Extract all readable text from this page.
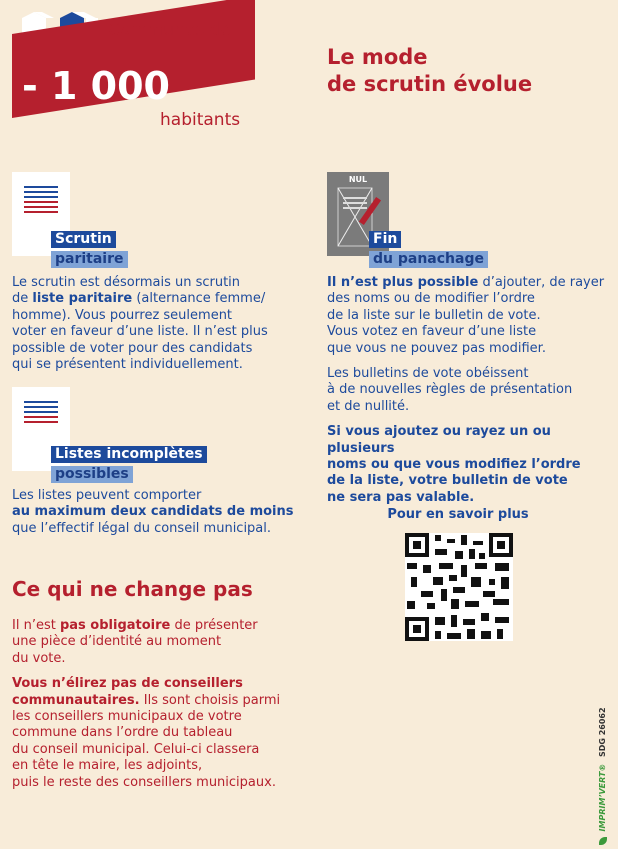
Communes de
- 1 000
habitants
Le mode
de scrutin évolue
Scrutin
paritaire

Le scrutin est désormais un scrutin

de liste paritaire (alternance femme/

homme). Vous pourrez seulement

voter en faveur d’une liste. Il n’est plus

possible de voter pour des candidats

qui se présentent individuellement.

NUL
Fin
du panachage

Il n’est plus possible d’ajouter, de rayer

des noms ou de modifier l’ordre

de la liste sur le bulletin de vote.

Vous votez en faveur d’une liste

que vous ne pouvez pas modifier.

Les bulletins de vote obéissent

à de nouvelles règles de présentation

et de nullité.

Si vous ajoutez ou rayez un ou plusieurs

noms ou que vous modifiez l’ordre

de la liste, votre bulletin de vote

ne sera pas valable.

Listes incomplètes
possibles

Les listes peuvent comporter

au maximum deux candidats de moins

que l’effectif légal du conseil municipal.

Pour en savoir plus
Ce qui ne change pas

Il n’est pas obligatoire de présenter

une pièce d’identité au moment

du vote.

Vous n’élirez pas de conseillers

communautaires. Ils sont choisis parmi

les conseillers municipaux de votre

commune dans l’ordre du tableau

du conseil municipal. Celui-ci classera

en tête le maire, les adjoints,

puis le reste des conseillers municipaux.	IMPRIM’VERT® SDG 26062
